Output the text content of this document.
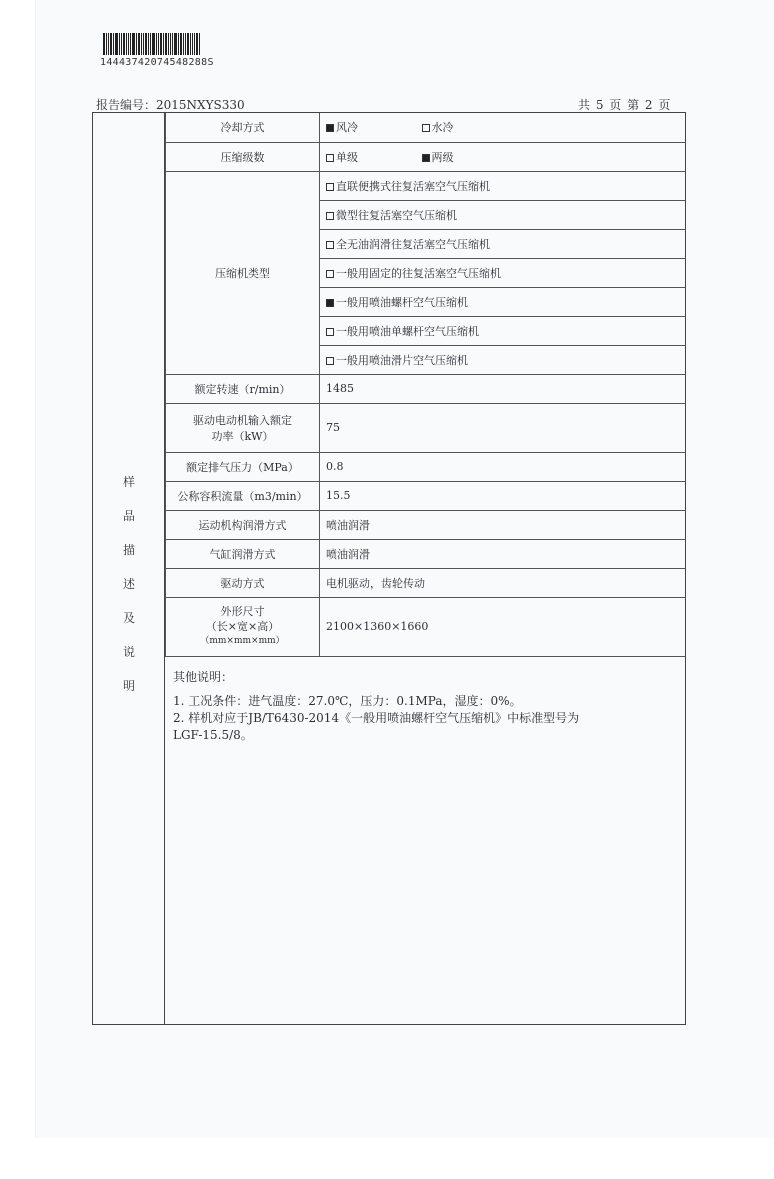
14443742074548288S
报告编号：2015NXYS330	共 5 页 第 2 页
样
品
描
述
及
说
明
冷却方式	风冷 水冷
压缩级数	单级 两级
压缩机类型	直联便携式往复活塞空气压缩机
	微型往复活塞空气压缩机
	全无油润滑往复活塞空气压缩机
	一般用固定的往复活塞空气压缩机
	一般用喷油螺杆空气压缩机
	一般用喷油单螺杆空气压缩机
	一般用喷油滑片空气压缩机
额定转速（r/min）	1485

驱动电动机输入额定
功率（kW）	75
额定排气压力（MPa）	0.8
公称容积流量（m3/min）	15.5
运动机构润滑方式	喷油润滑
气缸润滑方式	喷油润滑
驱动方式	电机驱动，齿轮传动

外形尺寸
（长×宽×高）
（mm×mm×mm）	2100×1360×1660
其他说明：
1. 工况条件：进气温度：27.0℃，压力：0.1MPa，湿度：0%。
2. 样机对应于JB/T6430-2014《一般用喷油螺杆空气压缩机》中标准型号为
LGF-15.5/8。
